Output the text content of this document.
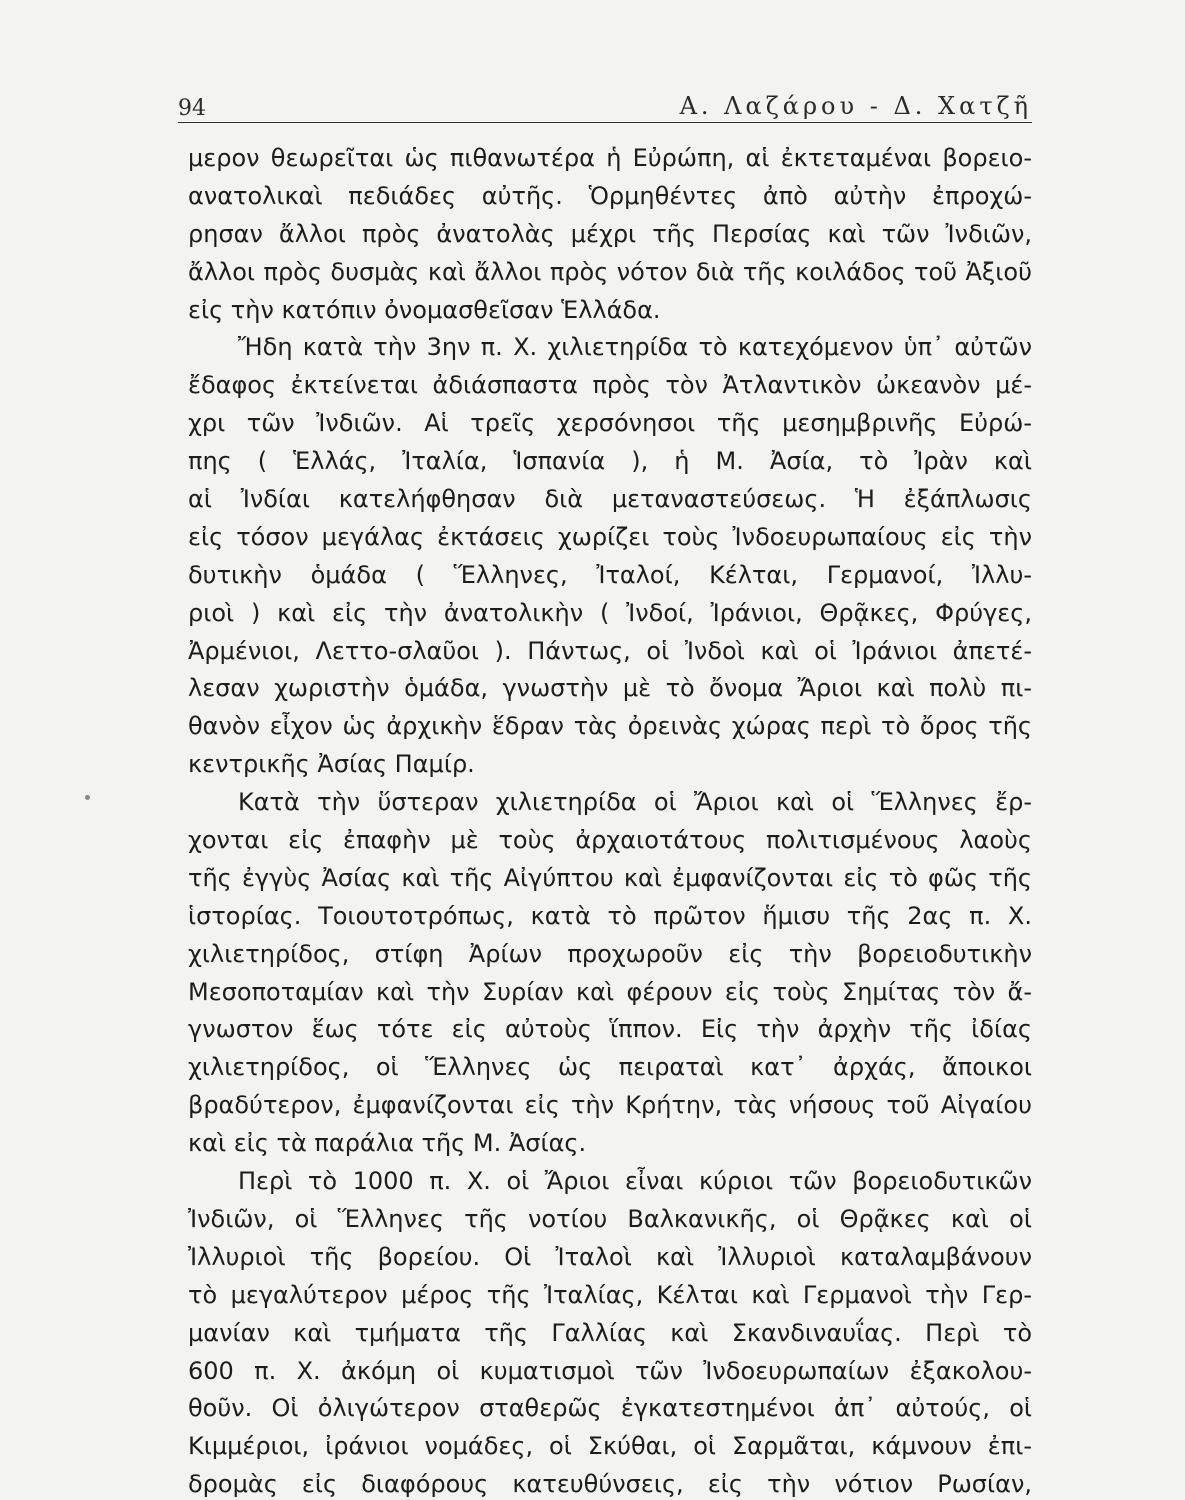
94	Α. Λαζάρου - Δ. Χατζῆ
μερον θεωρεῖται ὡς πιθανωτέρα ἡ Εὐρώπη, αἱ ἐκτεταμέναι βορειο-
ανατολικαὶ πεδιάδες αὐτῆς. Ὁρμηθέντες ἀπὸ αὐτὴν ἐπροχώ-
ρησαν ἄλλοι πρὸς ἀνατολὰς μέχρι τῆς Περσίας καὶ τῶν Ἰνδιῶν,
ἄλλοι πρὸς δυσμὰς καὶ ἄλλοι πρὸς νότον διὰ τῆς κοιλάδος τοῦ Ἀξιοῦ
εἰς τὴν κατόπιν ὀνομασθεῖσαν Ἑλλάδα.
Ἤδη κατὰ τὴν 3ην π. Χ. χιλιετηρίδα τὸ κατεχόμενον ὑπ᾽ αὐτῶν
ἔδαφος ἐκτείνεται ἀδιάσπαστα πρὸς τὸν Ἀτλαντικὸν ὠκεανὸν μέ-
χρι τῶν Ἰνδιῶν. Αἱ τρεῖς χερσόνησοι τῆς μεσημβρινῆς Εὐρώ-
πης ( Ἑλλάς, Ἰταλία, Ἱσπανία ), ἡ Μ. Ἀσία, τὸ Ἰρὰν καὶ
αἱ Ἰνδίαι κατελήφθησαν διὰ μεταναστεύσεως. Ἡ ἐξάπλωσις
εἰς τόσον μεγάλας ἐκτάσεις χωρίζει τοὺς Ἰνδοευρωπαίους εἰς τὴν
δυτικὴν ὁμάδα ( Ἕλληνες, Ἰταλοί, Κέλται, Γερμανοί, Ἰλλυ-
ριοὶ ) καὶ εἰς τὴν ἀνατολικὴν ( Ἰνδοί, Ἰράνιοι, Θρᾷκες, Φρύγες,
Ἀρμένιοι, Λεττο-σλαῦοι ). Πάντως, οἱ Ἰνδοὶ καὶ οἱ Ἰράνιοι ἀπετέ-
λεσαν χωριστὴν ὁμάδα, γνωστὴν μὲ τὸ ὄνομα Ἄριοι καὶ πολὺ πι-
θανὸν εἶχον ὡς ἀρχικὴν ἕδραν τὰς ὀρεινὰς χώρας περὶ τὸ ὄρος τῆς
κεντρικῆς Ἀσίας Παμίρ.
Κατὰ τὴν ὕστεραν χιλιετηρίδα οἱ Ἄριοι καὶ οἱ Ἕλληνες ἔρ-
χονται εἰς ἐπαφὴν μὲ τοὺς ἀρχαιοτάτους πολιτισμένους λαοὺς
τῆς ἐγγὺς Ἀσίας καὶ τῆς Αἰγύπτου καὶ ἐμφανίζονται εἰς τὸ φῶς τῆς
ἱστορίας. Τοιουτοτρόπως, κατὰ τὸ πρῶτον ἥμισυ τῆς 2ας π. Χ.
χιλιετηρίδος, στίφη Ἀρίων προχωροῦν εἰς τὴν βορειοδυτικὴν
Μεσοποταμίαν καὶ τὴν Συρίαν καὶ φέρουν εἰς τοὺς Σημίτας τὸν ἄ-
γνωστον ἕως τότε εἰς αὐτοὺς ἵππον. Εἰς τὴν ἀρχὴν τῆς ἰδίας
χιλιετηρίδος, οἱ Ἕλληνες ὡς πειραταὶ κατ᾽ ἀρχάς, ἄποικοι
βραδύτερον, ἐμφανίζονται εἰς τὴν Κρήτην, τὰς νήσους τοῦ Αἰγαίου
καὶ εἰς τὰ παράλια τῆς Μ. Ἀσίας.
Περὶ τὸ 1000 π. Χ. οἱ Ἄριοι εἶναι κύριοι τῶν βορειοδυτικῶν
Ἰνδιῶν, οἱ Ἕλληνες τῆς νοτίου Βαλκανικῆς, οἱ Θρᾷκες καὶ οἱ
Ἰλλυριοὶ τῆς βορείου. Οἱ Ἰταλοὶ καὶ Ἰλλυριοὶ καταλαμβάνουν
τὸ μεγαλύτερον μέρος τῆς Ἰταλίας, Κέλται καὶ Γερμανοὶ τὴν Γερ-
μανίαν καὶ τμήματα τῆς Γαλλίας καὶ Σκανδιναυΐας. Περὶ τὸ
600 π. Χ. ἀκόμη οἱ κυματισμοὶ τῶν Ἰνδοευρωπαίων ἐξακολου-
θοῦν. Οἱ ὀλιγώτερον σταθερῶς ἐγκατεστημένοι ἀπ᾽ αὐτούς, οἱ
Κιμμέριοι, ἰράνιοι νομάδες, οἱ Σκύθαι, οἱ Σαρμᾶται, κάμνουν ἐπι-
δρομὰς εἰς διαφόρους κατευθύνσεις, εἰς τὴν νότιον Ρωσίαν,
